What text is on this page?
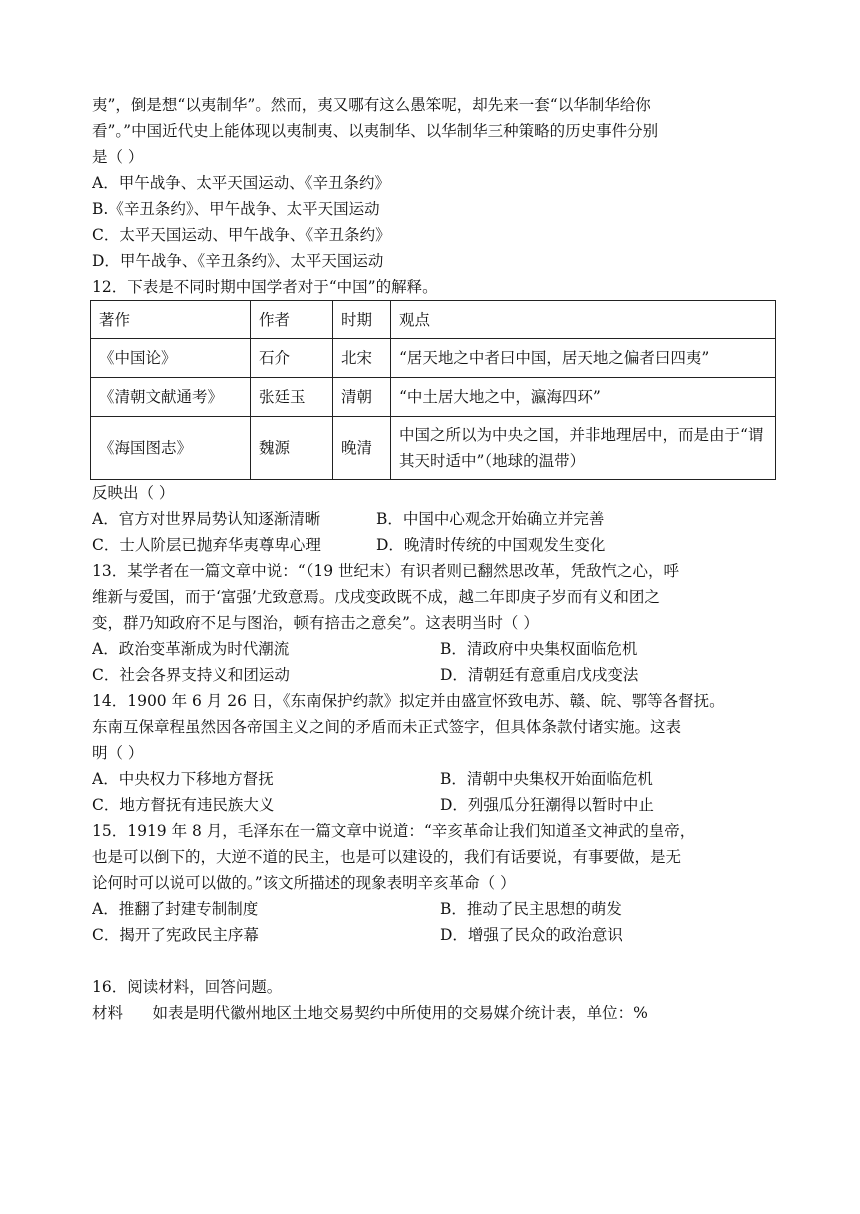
夷”，倒是想“以夷制华”。然而，夷又哪有这么愚笨呢，却先来一套“以华制华给你
看”。”中国近代史上能体现以夷制夷、以夷制华、以华制华三种策略的历史事件分别
是（ ）
A．甲午战争、太平天国运动、《辛丑条约》
B.《辛丑条约》、甲午战争、太平天国运动
C．太平天国运动、甲午战争、《辛丑条约》
D．甲午战争、《辛丑条约》、太平天国运动
12．下表是不同时期中国学者对于“中国”的解释。
著作	作者	时期	观点
《中国论》	石介	北宋	“居天地之中者曰中国，居天地之偏者曰四夷”
《清朝文献通考》	张廷玉	清朝	“中土居大地之中，瀛海四环”
《海国图志》	魏源	晚清	中国之所以为中央之国，并非地理居中，而是由于“谓其天时适中”（地球的温带）
反映出（ ）
A．官方对世界局势认知逐渐清晰	B．中国中心观念开始确立并完善
C．士人阶层已抛弃华夷尊卑心理	D．晚清时传统的中国观发生变化
13．某学者在一篇文章中说：“（19 世纪末）有识者则已翻然思改革，凭敌忾之心，呼
维新与爱国，而于‘富强’尤致意焉。戊戌变政既不成，越二年即庚子岁而有义和团之
变，群乃知政府不足与图治，顿有掊击之意矣”。这表明当时（ ）
A．政治变革渐成为时代潮流	B．清政府中央集权面临危机
C．社会各界支持义和团运动	D．清朝廷有意重启戊戌变法
14．1900 年 6 月 26 日，《东南保护约款》拟定并由盛宣怀致电苏、赣、皖、鄂等各督抚。
东南互保章程虽然因各帝国主义之间的矛盾而未正式签字，但具体条款付诸实施。这表
明（ ）
A．中央权力下移地方督抚	B．清朝中央集权开始面临危机
C．地方督抚有违民族大义	D．列强瓜分狂潮得以暂时中止
15．1919 年 8 月，毛泽东在一篇文章中说道：“辛亥革命让我们知道圣文神武的皇帝，
也是可以倒下的，大逆不道的民主，也是可以建设的，我们有话要说，有事要做，是无
论何时可以说可以做的。”该文所描述的现象表明辛亥革命（ ）
A．推翻了封建专制制度	B．推动了民主思想的萌发
C．揭开了宪政民主序幕	D．增强了民众的政治意识
16．阅读材料，回答问题。
材料      如表是明代徽州地区土地交易契约中所使用的交易媒介统计表，单位：%
